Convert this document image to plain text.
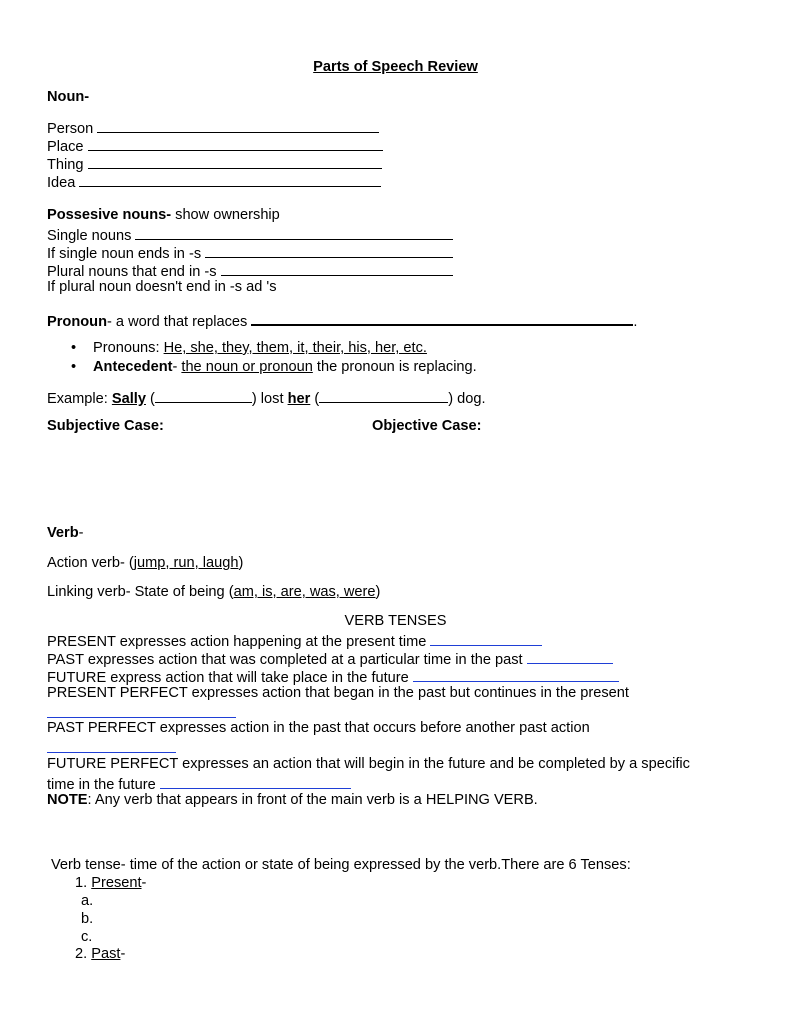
Parts of Speech Review
Noun-
Person
Place
Thing
Idea
Possesive nouns- show ownership
Single nouns
If single noun ends in -s
Plural nouns that end in -s
If plural noun doesn't end in -s ad 's
Pronoun- a word that replaces	.
• Pronouns: He, she, they, them, it, their, his, her, etc.
• Antecedent- the noun or pronoun the pronoun is replacing.
Example: Sally (	) lost her (	) dog.
Subjective Case:	Objective Case:
Verb-
Action verb- (jump, run, laugh)
Linking verb- State of being (am, is, are, was, were)
VERB TENSES
PRESENT expresses action happening at the present time
PAST expresses action that was completed at a particular time in the past
FUTURE express action that will take place in the future
PRESENT PERFECT expresses action that began in the past but continues in the present
PAST PERFECT expresses action in the past that occurs before another past action
FUTURE PERFECT expresses an action that will begin in the future and be completed by a specific
time in the future
NOTE: Any verb that appears in front of the main verb is a HELPING VERB.
Verb tense- time of the action or state of being expressed by the verb.There are 6 Tenses:
1. Present-
a.
b.
c.
2. Past-
